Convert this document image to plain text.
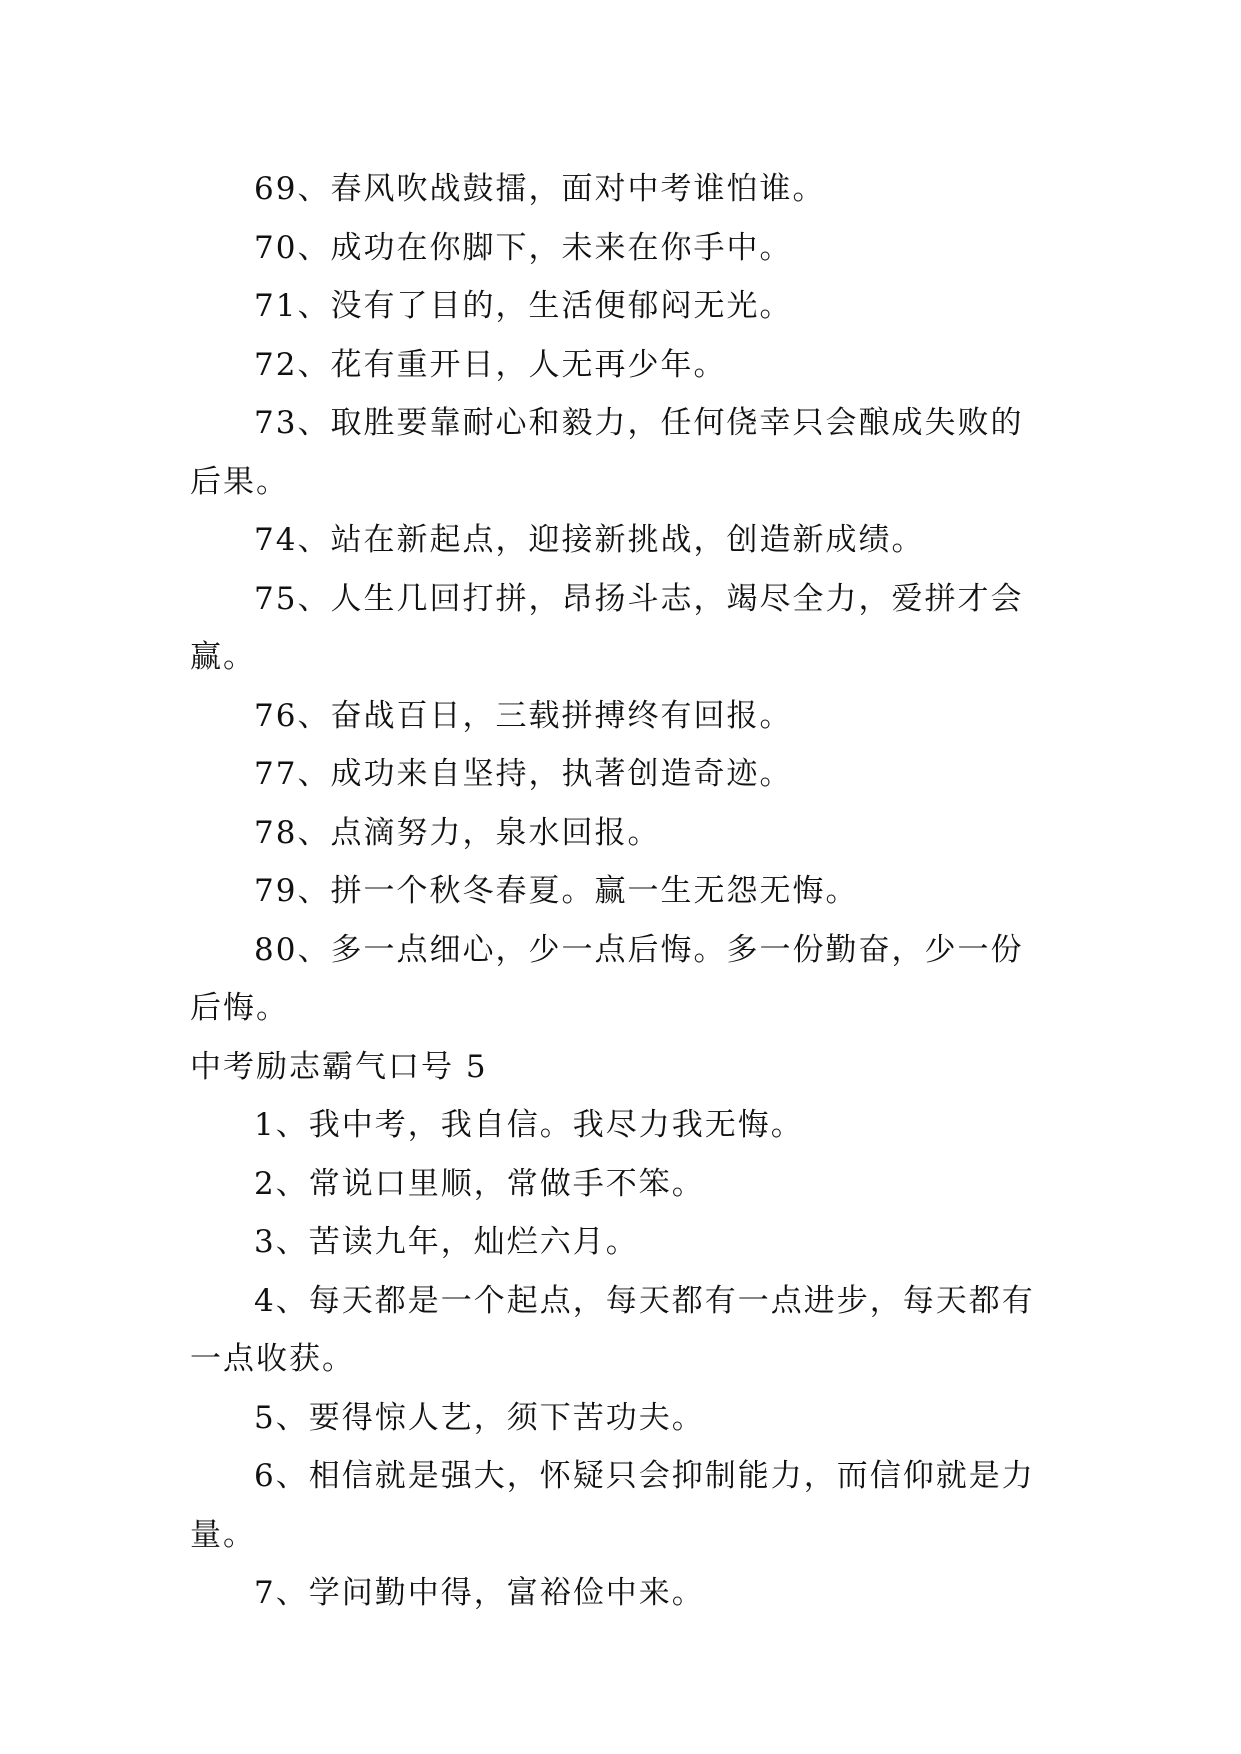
69、春风吹战鼓擂，面对中考谁怕谁。

70、成功在你脚下，未来在你手中。

71、没有了目的，生活便郁闷无光。

72、花有重开日，人无再少年。

73、取胜要靠耐心和毅力，任何侥幸只会酿成失败的后果。

74、站在新起点，迎接新挑战，创造新成绩。

75、人生几回打拼，昂扬斗志，竭尽全力，爱拼才会赢。

76、奋战百日，三载拼搏终有回报。

77、成功来自坚持，执著创造奇迹。

78、点滴努力，泉水回报。

79、拼一个秋冬春夏。赢一生无怨无悔。

80、多一点细心，少一点后悔。多一份勤奋，少一份后悔。

中考励志霸气口号 5

1、我中考，我自信。我尽力我无悔。

2、常说口里顺，常做手不笨。

3、苦读九年，灿烂六月。

4、每天都是一个起点，每天都有一点进步，每天都有一点收获。

5、要得惊人艺，须下苦功夫。

6、相信就是强大，怀疑只会抑制能力，而信仰就是力量。

7、学问勤中得，富裕俭中来。
